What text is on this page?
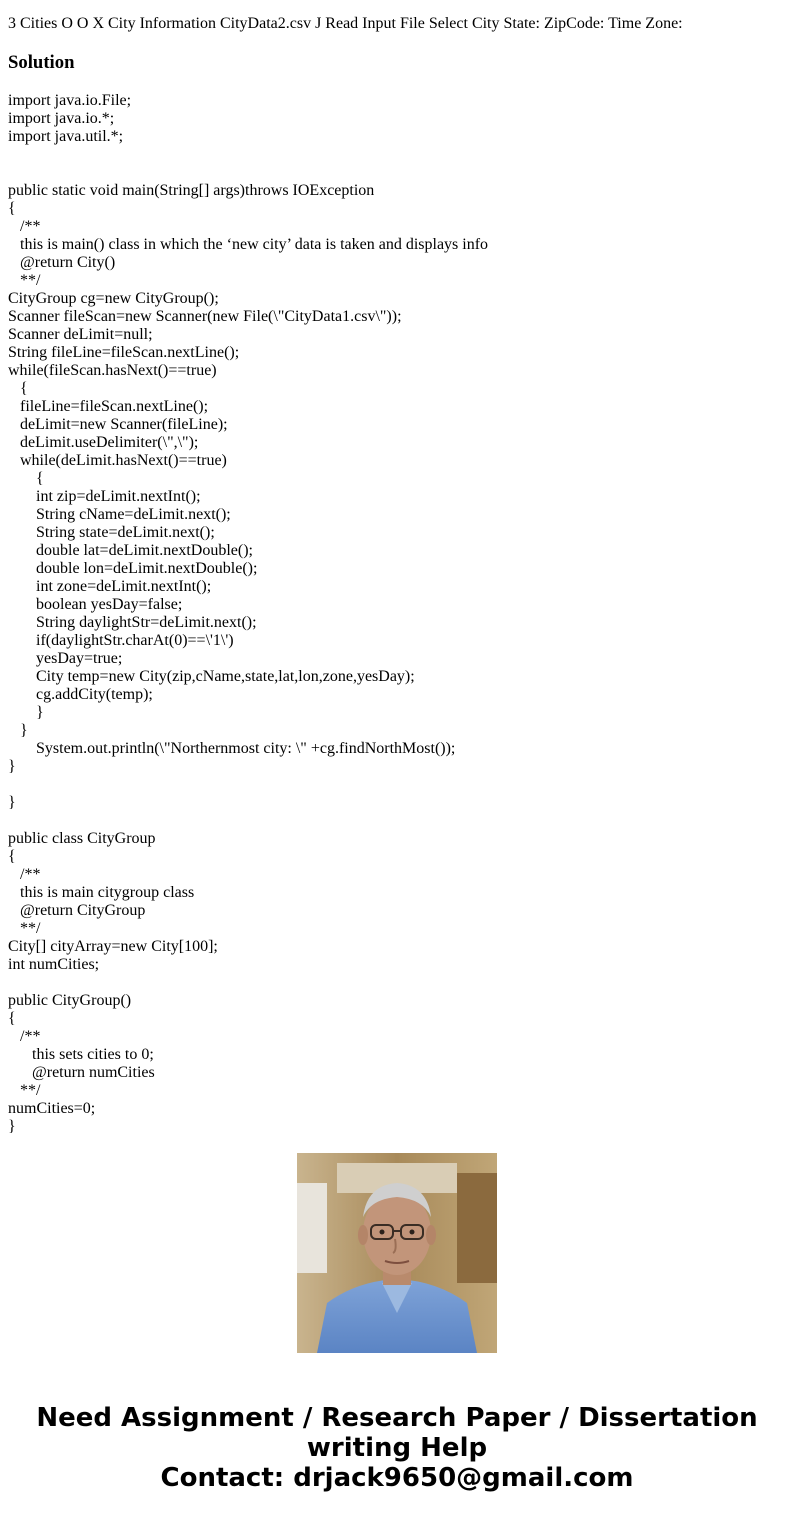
3 Cities O O X City Information CityData2.csv J Read Input File Select City State: ZipCode: Time Zone:

Solution
import java.io.File;
import java.io.*;
import java.util.*;
public static void main(String[] args)throws IOException
{
/**
this is main() class in which the ‘new city’ data is taken and displays info
@return City()
**/
CityGroup cg=new CityGroup();
Scanner fileScan=new Scanner(new File(\"CityData1.csv\"));
Scanner deLimit=null;
String fileLine=fileScan.nextLine();
while(fileScan.hasNext()==true)
{
fileLine=fileScan.nextLine();
deLimit=new Scanner(fileLine);
deLimit.useDelimiter(\",\");
while(deLimit.hasNext()==true)
{
int zip=deLimit.nextInt();
String cName=deLimit.next();
String state=deLimit.next();
double lat=deLimit.nextDouble();
double lon=deLimit.nextDouble();
int zone=deLimit.nextInt();
boolean yesDay=false;
String daylightStr=deLimit.next();
if(daylightStr.charAt(0)==\'1\')
yesDay=true;
City temp=new City(zip,cName,state,lat,lon,zone,yesDay);
cg.addCity(temp);
}
}
System.out.println(\"Northernmost city: \" +cg.findNorthMost());
}
}
public class CityGroup
{
/**
this is main citygroup class
@return CityGroup
**/
City[] cityArray=new City[100];
int numCities;
public CityGroup()
{
/**
this sets cities to 0;
@return numCities
**/
numCities=0;
}
Need Assignment / Research Paper / Dissertation
writing Help
Contact: drjack9650@gmail.com
